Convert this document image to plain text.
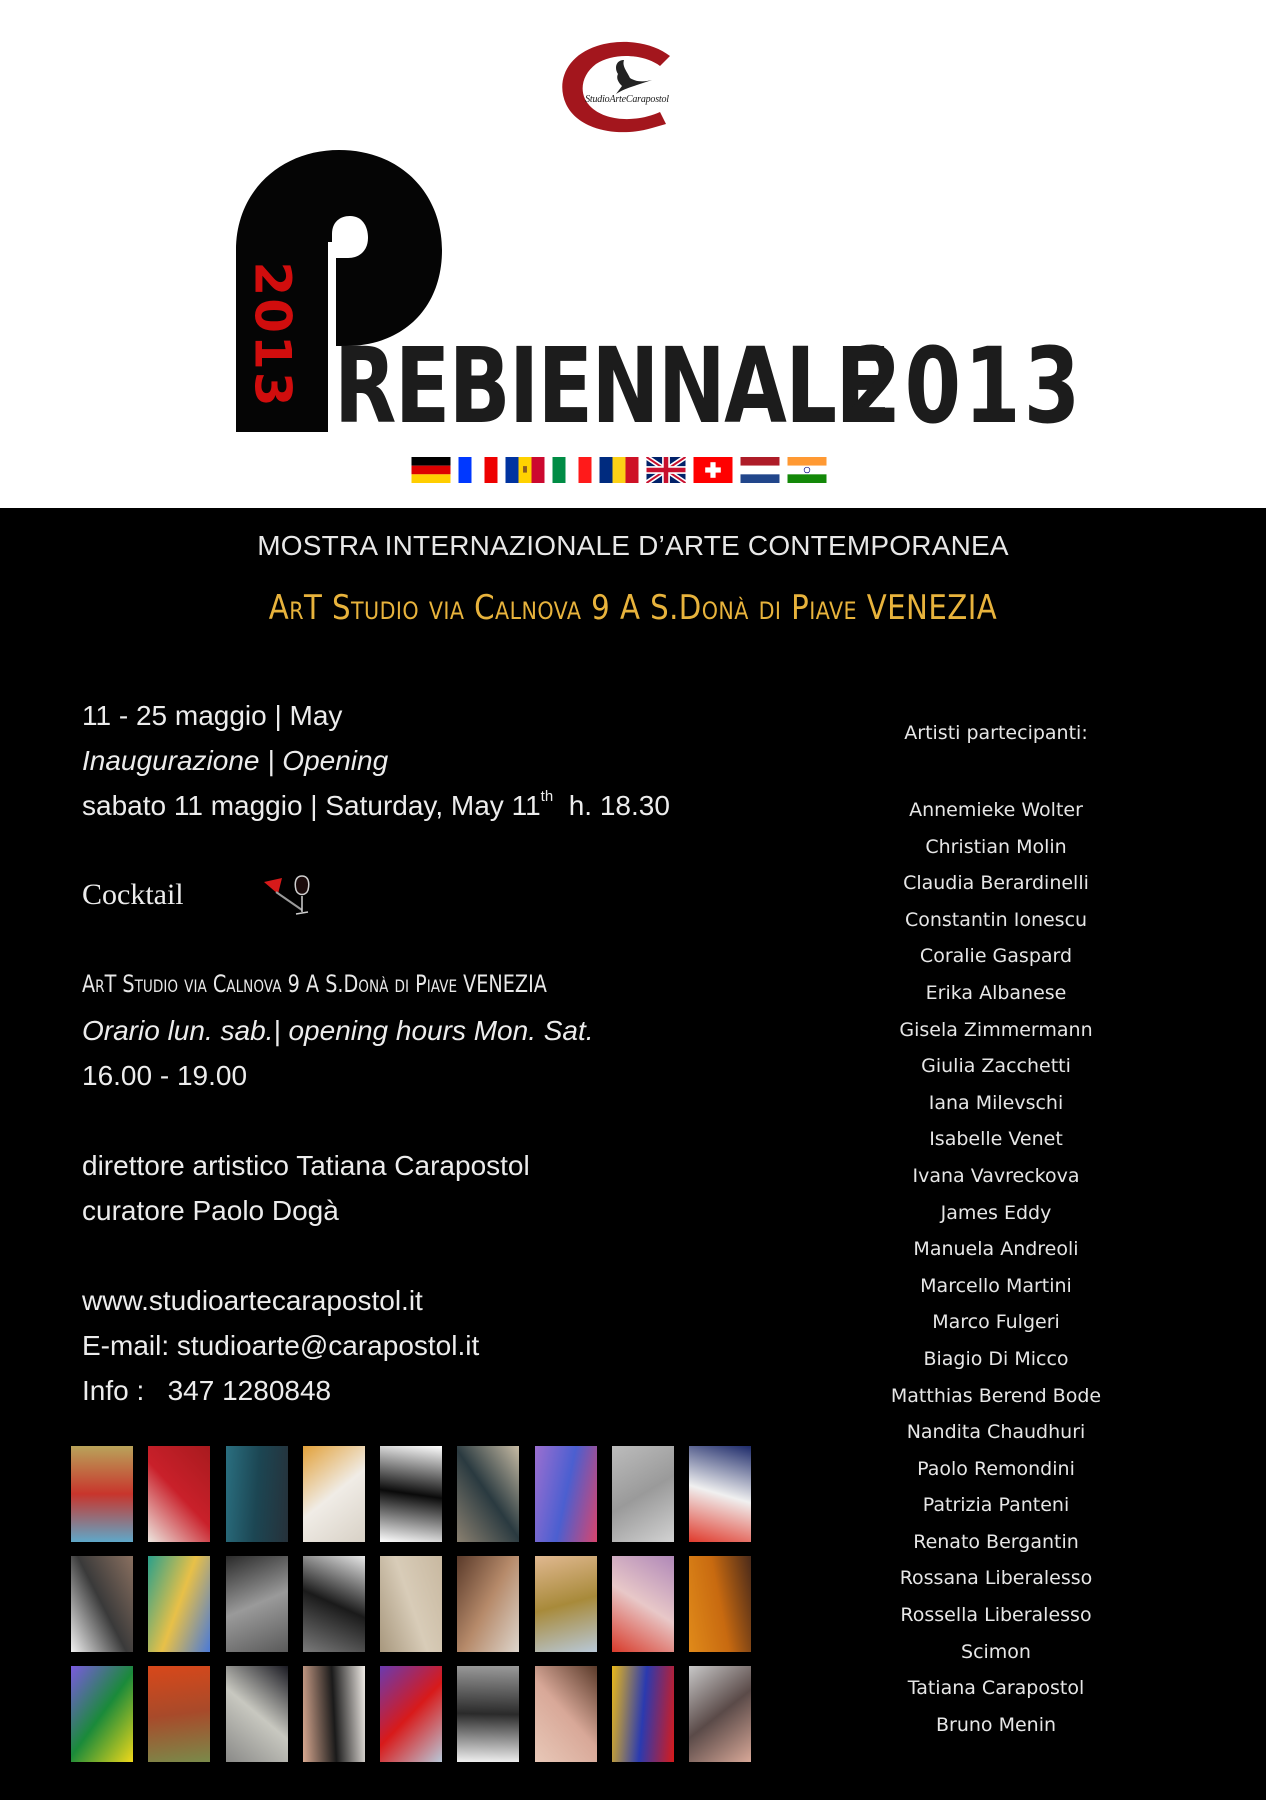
StudioArteCarapostol
2013 REBIENNALE
2013
MOSTRA INTERNAZIONALE D’ARTE CONTEMPORANEA
ArT Studio via Calnova 9 A S.Donà di Piave VENEZIA
11 - 25 maggio | May
Inaugurazione | Opening
sabato 11 maggio | Saturday, May 11th  h. 18.30
Cocktail
ArT Studio via Calnova 9 A S.Donà di Piave VENEZIA
Orario lun. sab.| opening hours Mon. Sat.
16.00 - 19.00
direttore artistico Tatiana Carapostol
curatore Paolo Dogà
www.studioartecarapostol.it
E-mail: studioarte@carapostol.it
Info :   347 1280848
Artisti partecipanti:
Annemieke Wolter
Christian Molin
Claudia Berardinelli
Constantin Ionescu
Coralie Gaspard
Erika Albanese
Gisela Zimmermann
Giulia Zacchetti
Iana Milevschi
Isabelle Venet
Ivana Vavreckova
James Eddy
Manuela Andreoli
Marcello Martini
Marco Fulgeri
Biagio Di Micco
Matthias Berend Bode
Nandita Chaudhuri
Paolo Remondini
Patrizia Panteni
Renato Bergantin
Rossana Liberalesso
Rossella Liberalesso
Scimon
Tatiana Carapostol
Bruno Menin
